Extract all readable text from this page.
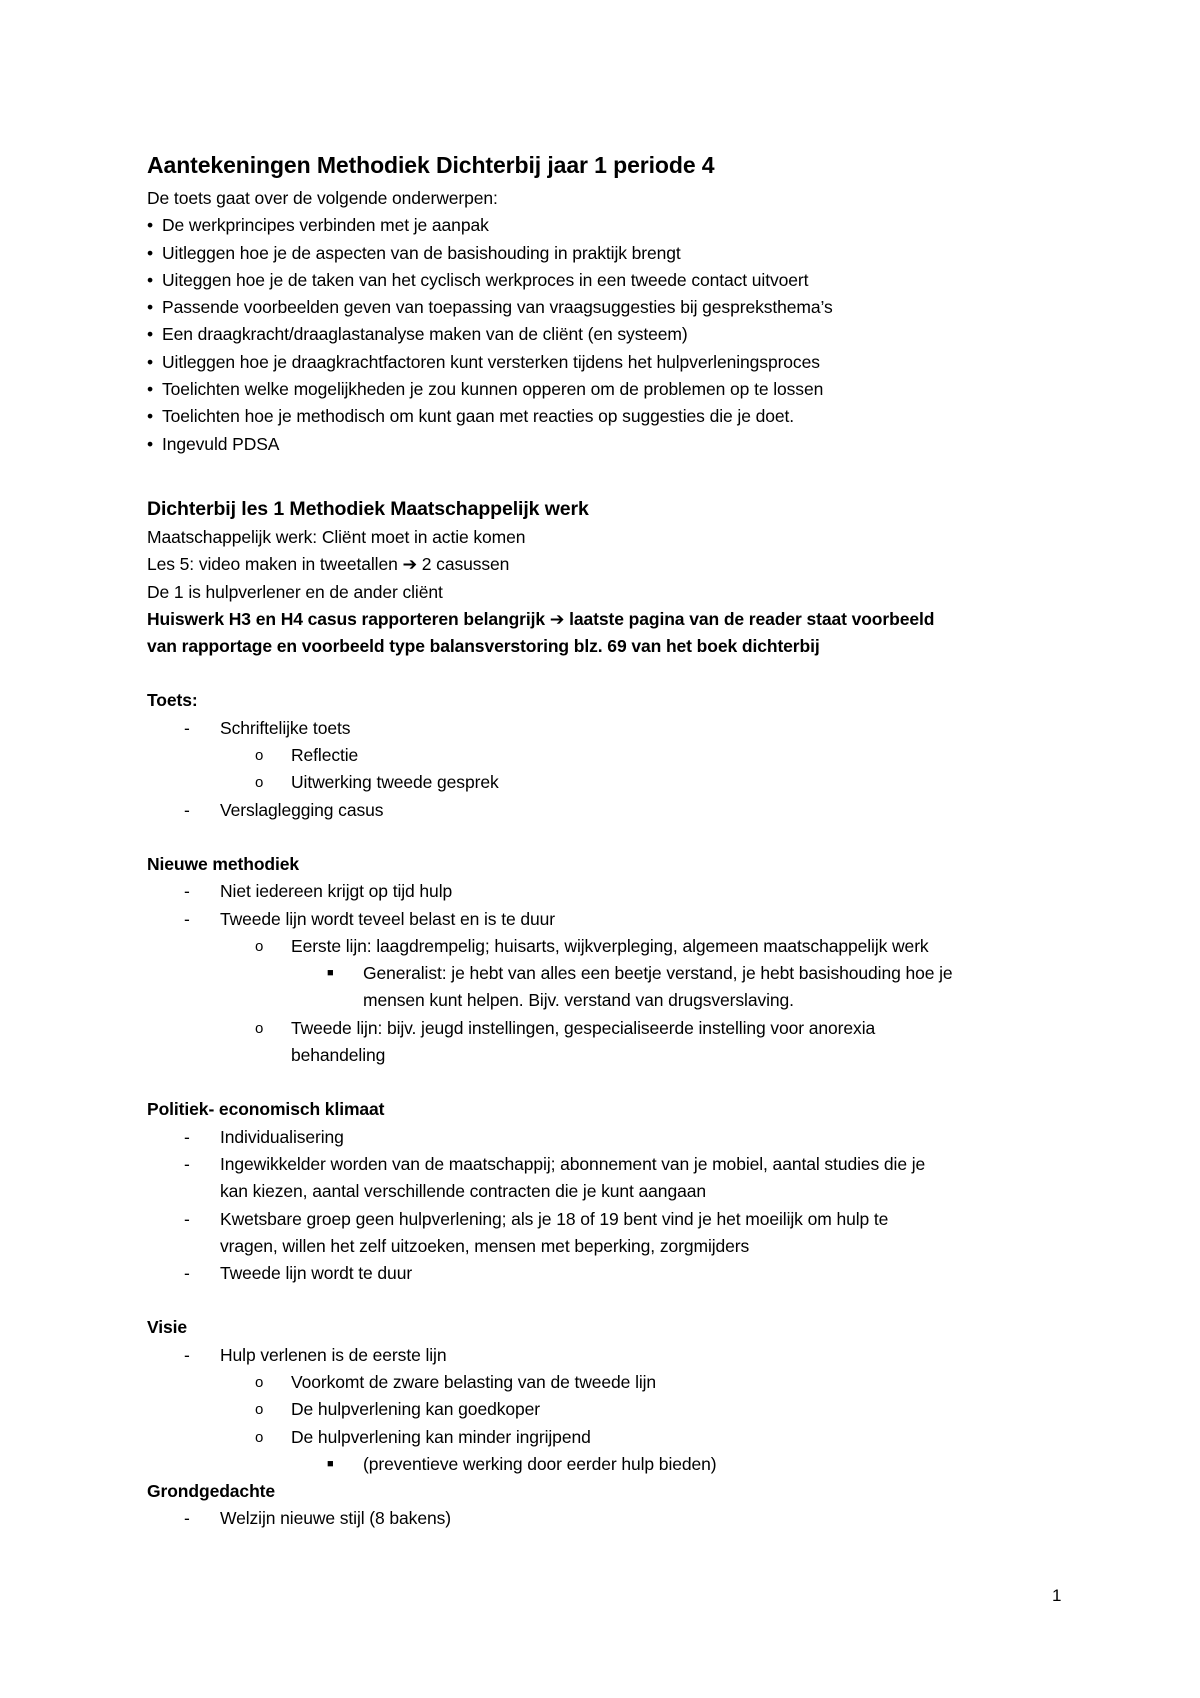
Aantekeningen Methodiek Dichterbij jaar 1 periode 4
De toets gaat over de volgende onderwerpen:
• De werkprincipes verbinden met je aanpak
• Uitleggen hoe je de aspecten van de basishouding in praktijk brengt
• Uiteggen hoe je de taken van het cyclisch werkproces in een tweede contact uitvoert
• Passende voorbeelden geven van toepassing van vraagsuggesties bij gespreksthema’s
• Een draagkracht/draaglastanalyse maken van de cliënt (en systeem)
• Uitleggen hoe je draagkrachtfactoren kunt versterken tijdens het hulpverleningsproces
• Toelichten welke mogelijkheden je zou kunnen opperen om de problemen op te lossen
• Toelichten hoe je methodisch om kunt gaan met reacties op suggesties die je doet.
• Ingevuld PDSA
Dichterbij les 1 Methodiek Maatschappelijk werk
Maatschappelijk werk: Cliënt moet in actie komen
Les 5: video maken in tweetallen ➔ 2 casussen
De 1 is hulpverlener en de ander cliënt
Huiswerk H3 en H4 casus rapporteren belangrijk ➔ laatste pagina van de reader staat voorbeeld
van rapportage en voorbeeld type balansverstoring blz. 69 van het boek dichterbij
Toets:
-	Schriftelijke toets
o	Reflectie
o	Uitwerking tweede gesprek
-	Verslaglegging casus
Nieuwe methodiek
-	Niet iedereen krijgt op tijd hulp
-	Tweede lijn wordt teveel belast en is te duur
o	Eerste lijn: laagdrempelig; huisarts, wijkverpleging, algemeen maatschappelijk werk
■	Generalist: je hebt van alles een beetje verstand, je hebt basishouding hoe je
mensen kunt helpen. Bijv. verstand van drugsverslaving.
o	Tweede lijn: bijv. jeugd instellingen, gespecialiseerde instelling voor anorexia
behandeling
Politiek- economisch klimaat
-	Individualisering
-	Ingewikkelder worden van de maatschappij; abonnement van je mobiel, aantal studies die je
kan kiezen, aantal verschillende contracten die je kunt aangaan
-	Kwetsbare groep geen hulpverlening; als je 18 of 19 bent vind je het moeilijk om hulp te
vragen, willen het zelf uitzoeken, mensen met beperking, zorgmijders
-	Tweede lijn wordt te duur
Visie
-	Hulp verlenen is de eerste lijn
o	Voorkomt de zware belasting van de tweede lijn
o	De hulpverlening kan goedkoper
o	De hulpverlening kan minder ingrijpend
■	(preventieve werking door eerder hulp bieden)
Grondgedachte
-	Welzijn nieuwe stijl (8 bakens)
1
